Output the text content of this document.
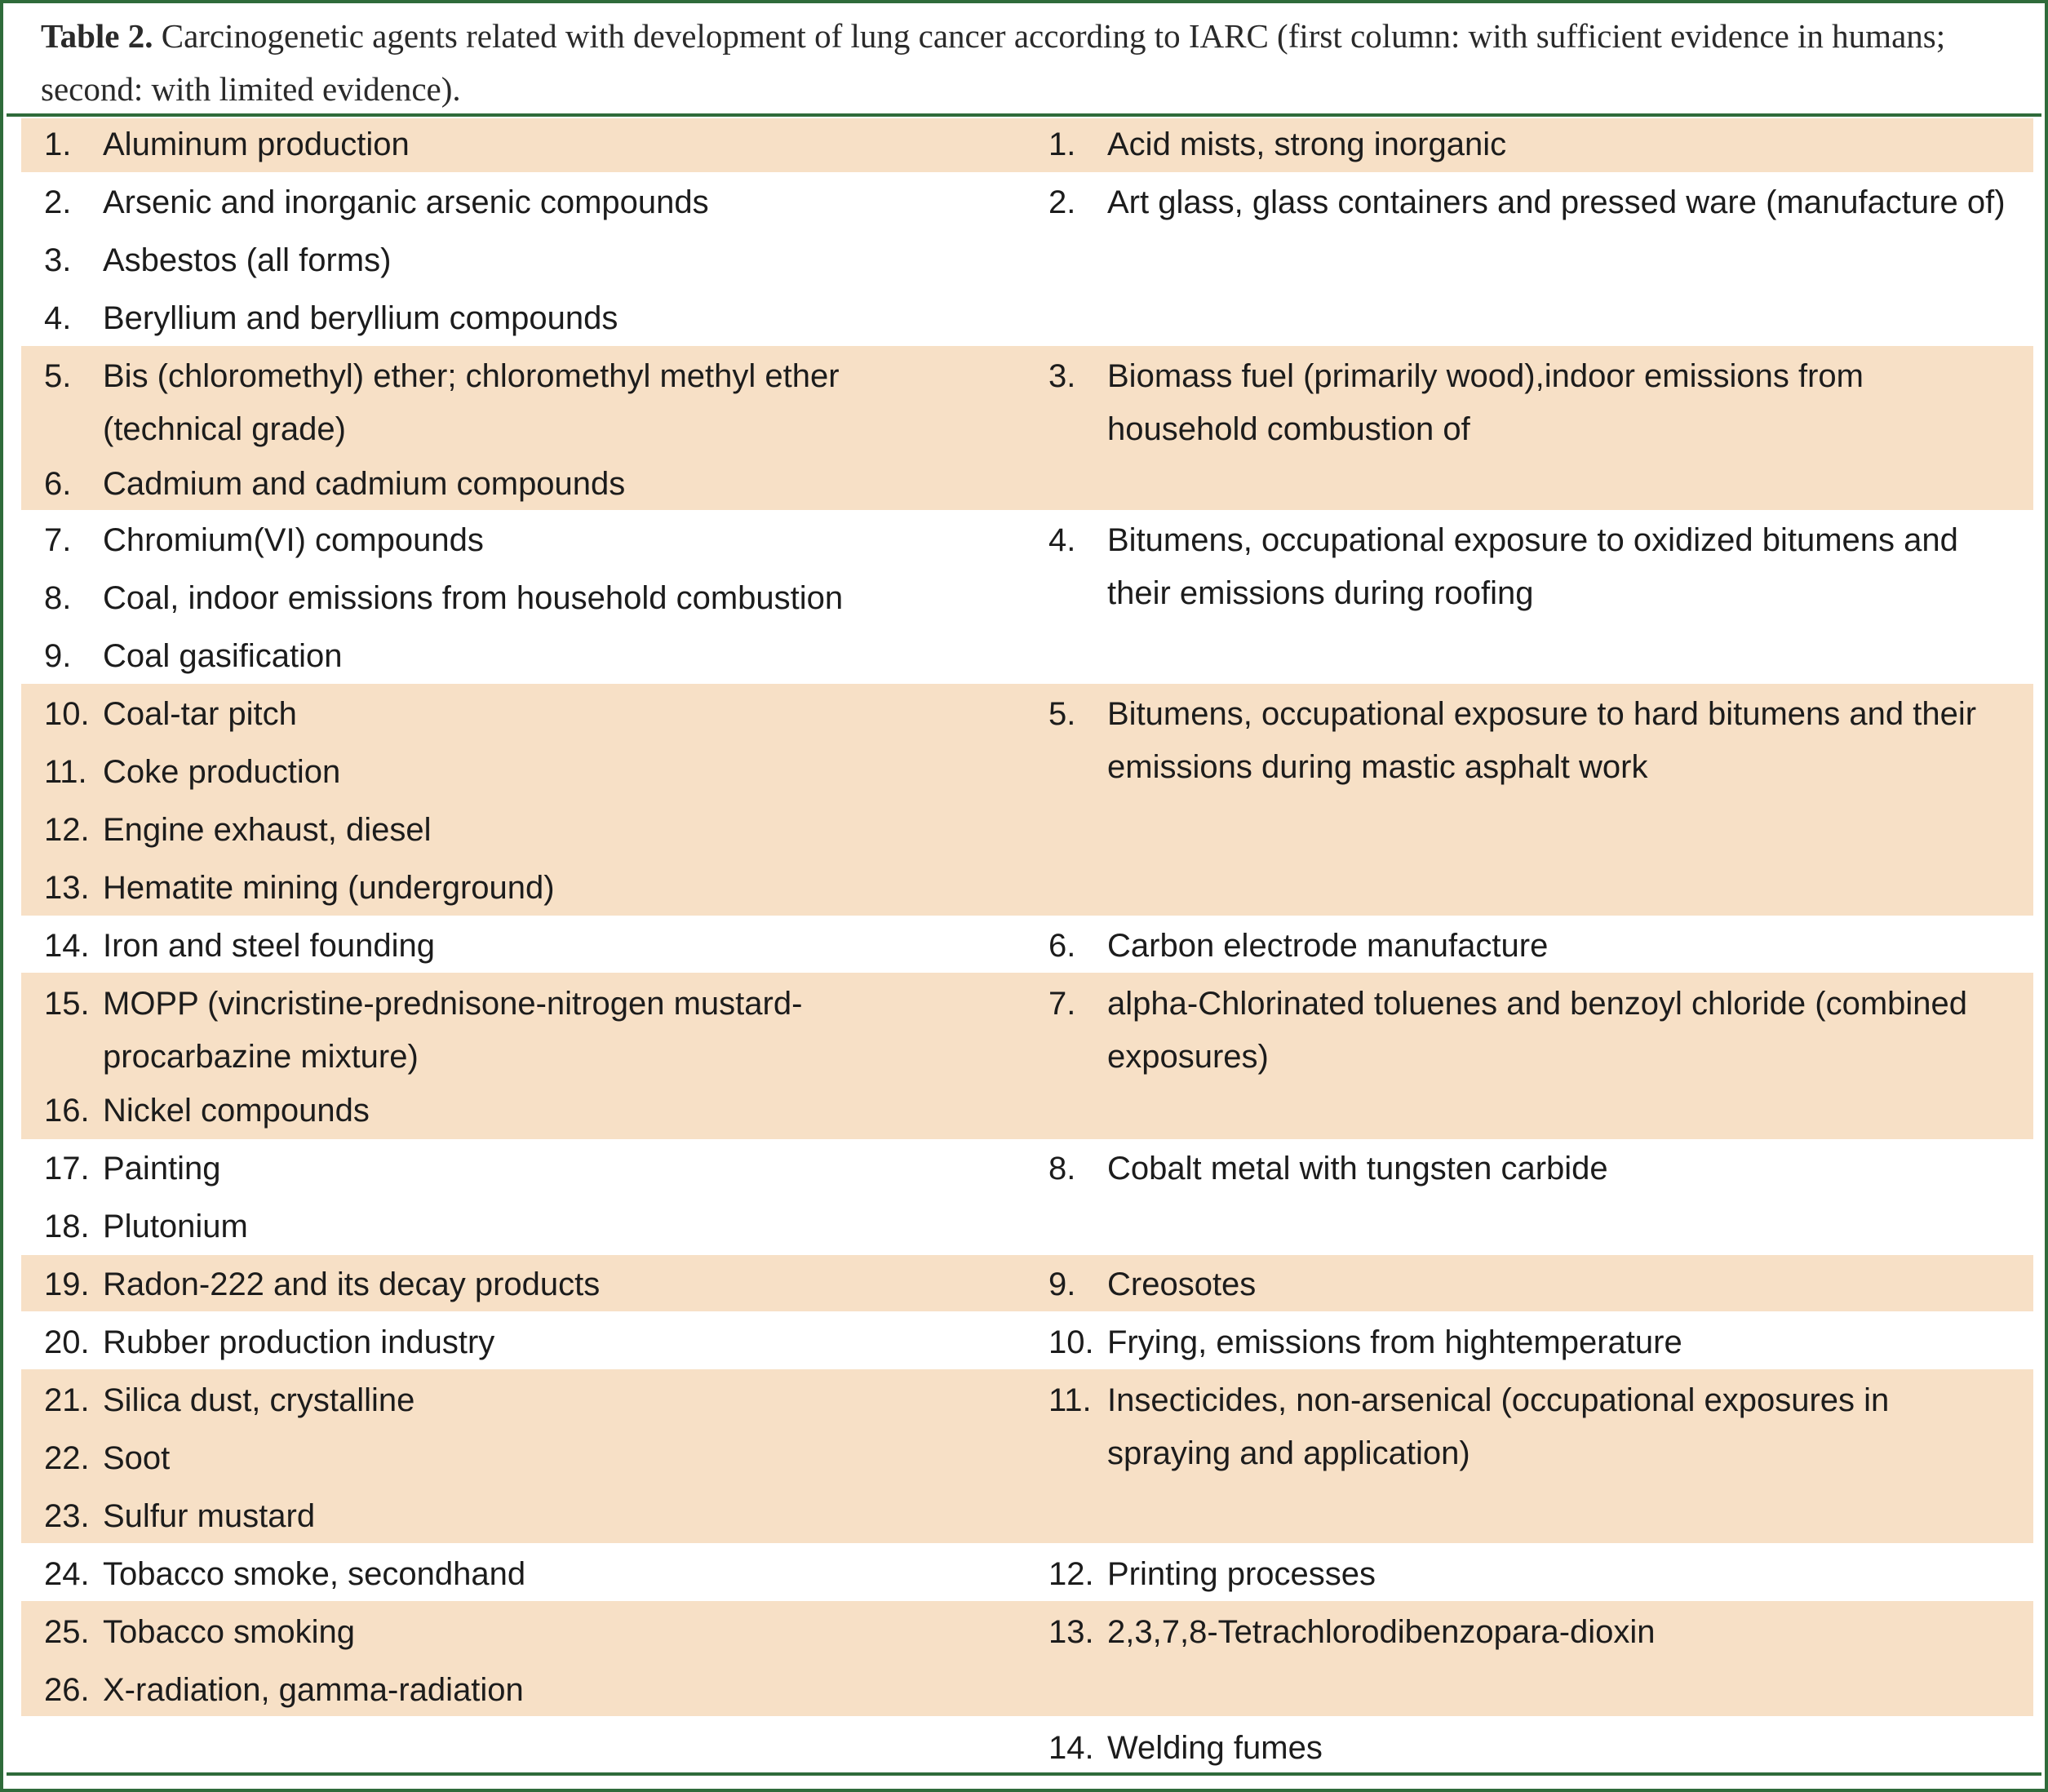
Table 2. Carcinogenetic agents related with development of lung cancer according to IARC (first column: with sufficient evidence in humans; second: with limited evidence).
1. Aluminum production
2. Arsenic and inorganic arsenic compounds
3. Asbestos (all forms)
4. Beryllium and beryllium compounds
5. Bis (chloromethyl) ether; chloromethyl methyl ether (technical grade)
6. Cadmium and cadmium compounds
7. Chromium(VI) compounds
8. Coal, indoor emissions from household combustion
9. Coal gasification
10. Coal-tar pitch
11. Coke production
12. Engine exhaust, diesel
13. Hematite mining (underground)
14. Iron and steel founding
15. MOPP (vincristine-prednisone-nitrogen mustard-procarbazine mixture)
16. Nickel compounds
17. Painting
18. Plutonium
19. Radon-222 and its decay products
20. Rubber production industry
21. Silica dust, crystalline
22. Soot
23. Sulfur mustard
24. Tobacco smoke, secondhand
25. Tobacco smoking
26. X-radiation, gamma-radiation
1. Acid mists, strong inorganic
2. Art glass, glass containers and pressed ware (manufacture of)
3. Biomass fuel (primarily wood),indoor emissions from household combustion of
4. Bitumens, occupational exposure to oxidized bitumens and their emissions during roofing
5. Bitumens, occupational exposure to hard bitumens and their emissions during mastic asphalt work
6. Carbon electrode manufacture
7. alpha-Chlorinated toluenes and benzoyl chloride (combined exposures)
8. Cobalt metal with tungsten carbide
9. Creosotes
10. Frying, emissions from hightemperature
11. Insecticides, non-arsenical (occupational exposures in spraying and application)
12. Printing processes
13. 2,3,7,8-Tetrachlorodibenzopara-dioxin
14. Welding fumes
